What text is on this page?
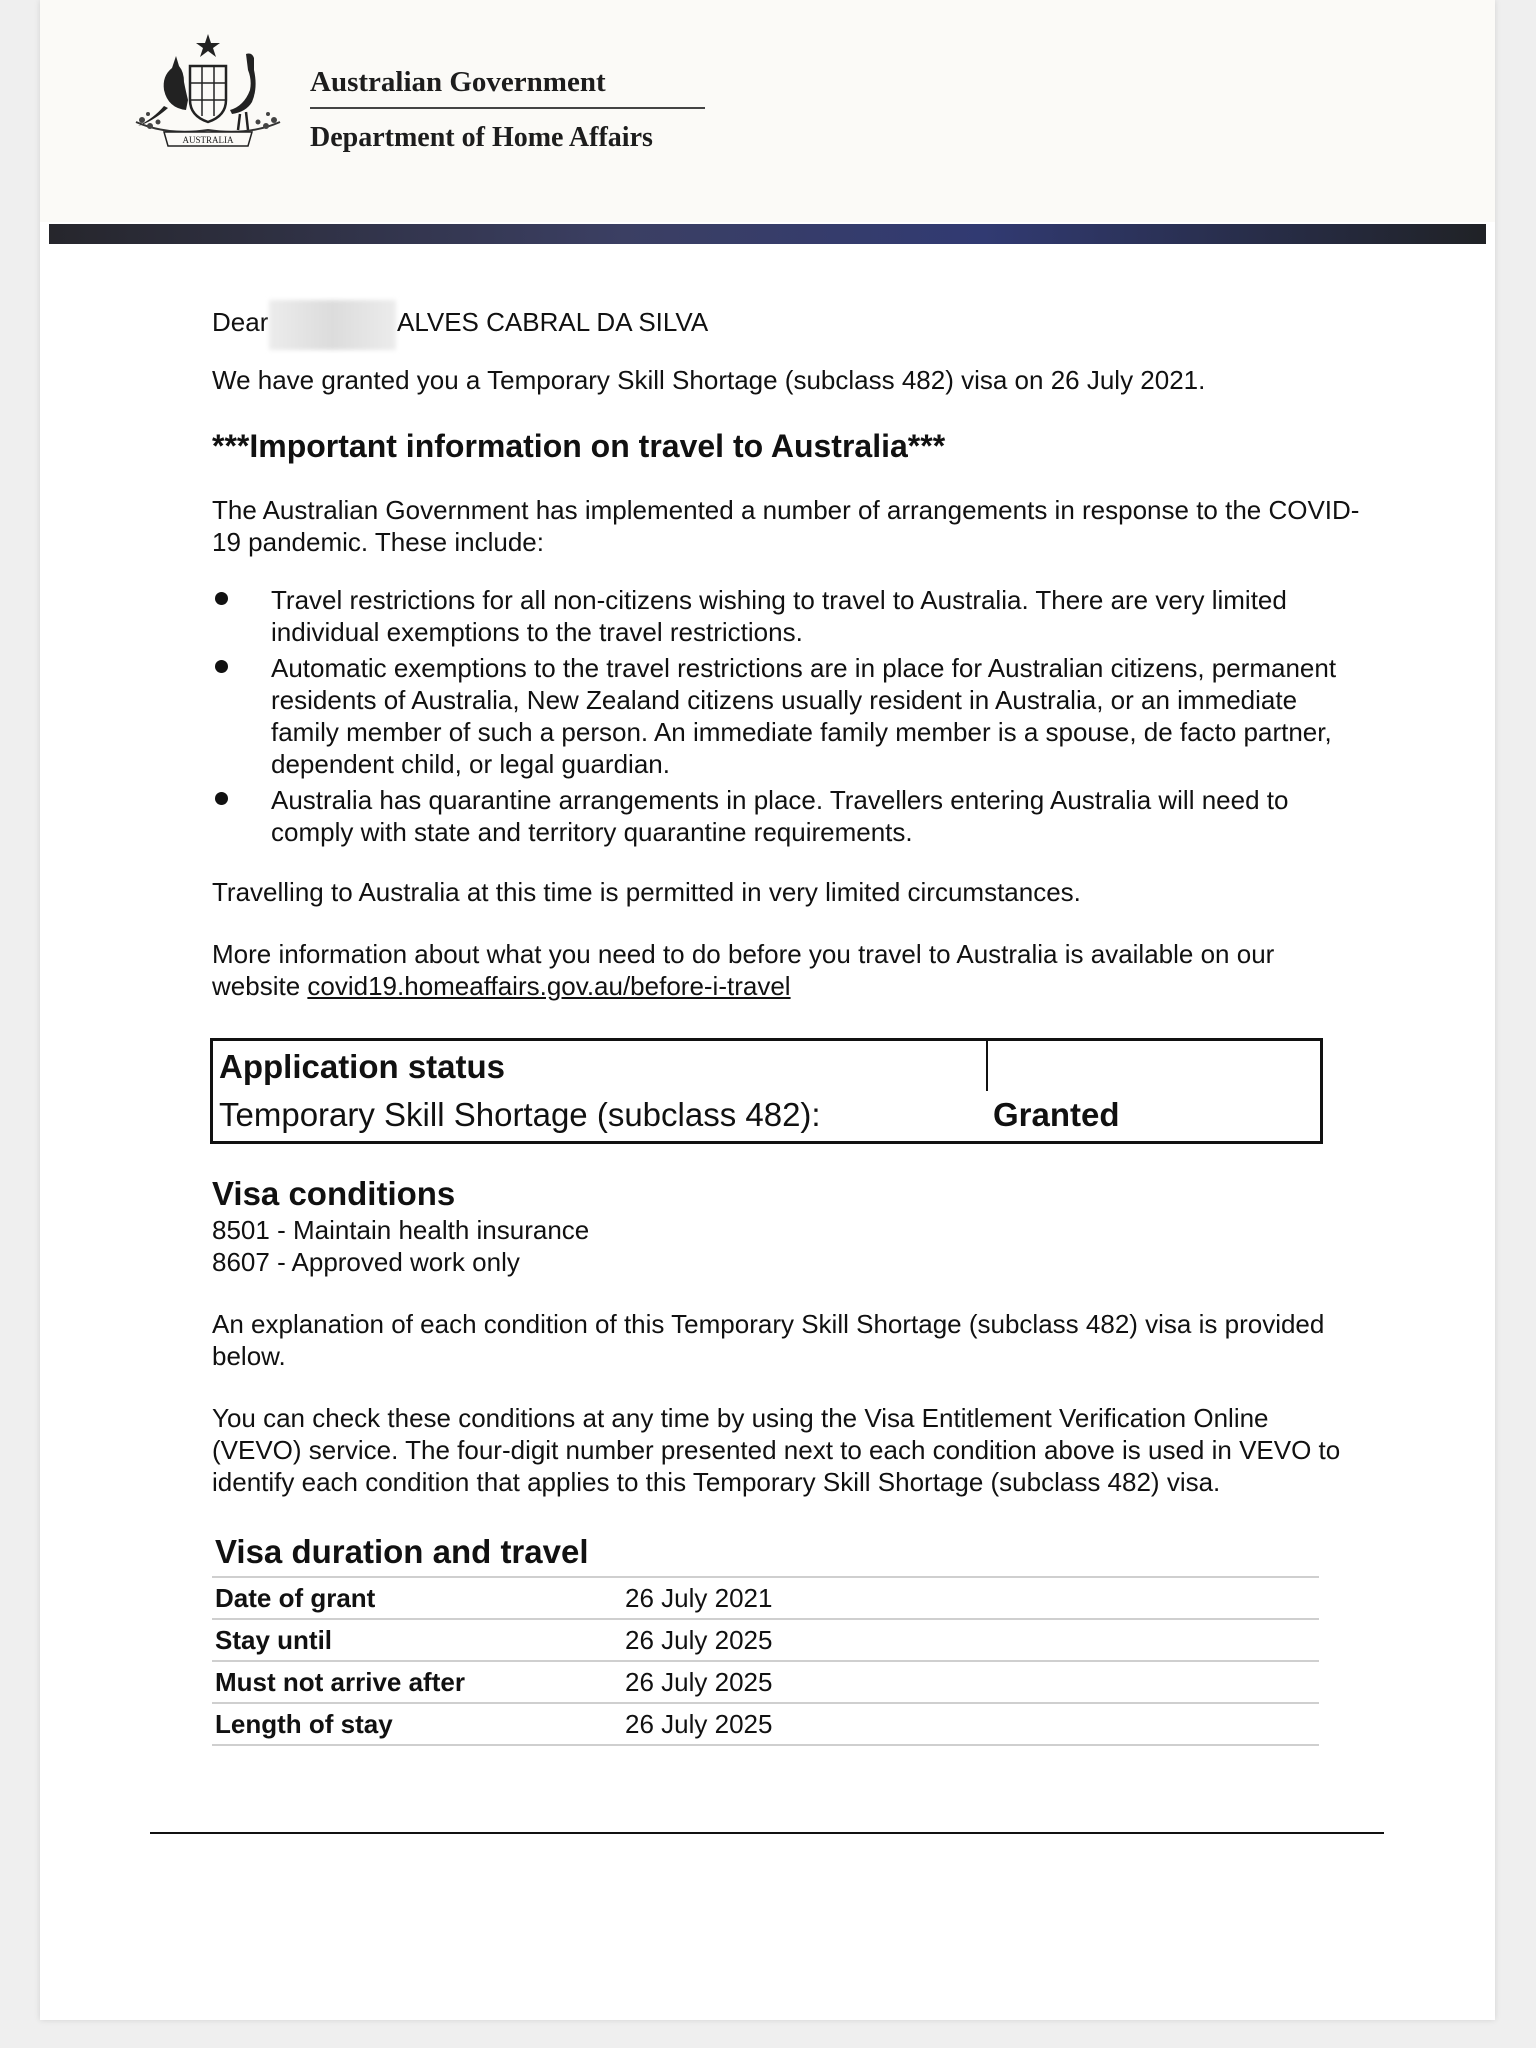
AUSTRALIA
Australian Government
Department of Home Affairs
Dear	ALVES CABRAL DA SILVA

We have granted you a Temporary Skill Shortage (subclass 482) visa on 26 July 2021.

***Important information on travel to Australia***

The Australian Government has implemented a number of arrangements in response to the COVID-19 pandemic. These include:

Travel restrictions for all non-citizens wishing to travel to Australia. There are very limited individual exemptions to the travel restrictions.
Automatic exemptions to the travel restrictions are in place for Australian citizens, permanent residents of Australia, New Zealand citizens usually resident in Australia, or an immediate family member of such a person. An immediate family member is a spouse, de facto partner, dependent child, or legal guardian.
Australia has quarantine arrangements in place. Travellers entering Australia will need to comply with state and territory quarantine requirements.

Travelling to Australia at this time is permitted in very limited circumstances.

More information about what you need to do before you travel to Australia is available on our website covid19.homeaffairs.gov.au/before-i-travel

Application status
Temporary Skill Shortage (subclass 482):	Granted

Visa conditions

8501 - Maintain health insurance
8607 - Approved work only

An explanation of each condition of this Temporary Skill Shortage (subclass 482) visa is provided below.

You can check these conditions at any time by using the Visa Entitlement Verification Online (VEVO) service. The four-digit number presented next to each condition above is used in VEVO to identify each condition that applies to this Temporary Skill Shortage (subclass 482) visa.

Visa duration and travel

Date of grant	26 July 2021
Stay until	26 July 2025
Must not arrive after	26 July 2025
Length of stay	26 July 2025
